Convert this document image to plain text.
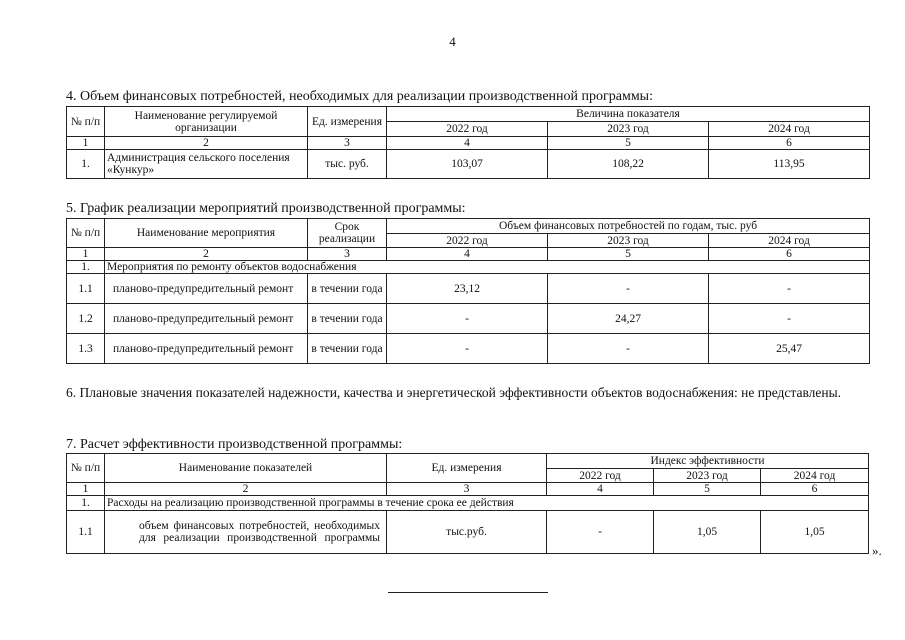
4
4. Объем финансовых потребностей, необходимых для реализации производственной программы:
№ п/п	Наименование регулируемой организации	Ед. измерения	Величина показателя		
			2022 год	2023 год	2024 год
1	2	3	4	5	6
1.	Администрация сельского поселения «Кункур»	тыс. руб.	103,07	108,22	113,95
5. График реализации мероприятий производственной программы:
№ п/п	Наименование мероприятия	Срок реализации	Объем финансовых потребностей по годам, тыс. руб		
			2022 год	2023 год	2024 год
1	2	3	4	5	6
1.	Мероприятия по ремонту объектов водоснабжения				
1.1	планово-предупредительный ремонт	в течении года	23,12	-	-
1.2	планово-предупредительный ремонт	в течении года	-	24,27	-
1.3	планово-предупредительный ремонт	в течении года	-	-	25,47
6. Плановые значения показателей надежности, качества и энергетической эффективности объектов водоснабжения: не представлены.
7. Расчет эффективности производственной программы:
№ п/п	Наименование показателей	Ед. измерения	Индекс эффективности		
			2022 год	2023 год	2024 год
1	2	3	4	5	6
1.	Расходы на реализацию производственной программы в течение срока ее действия				
1.1	объем финансовых потребностей, необходимых для реализации производственной программы	тыс.руб.	-	1,05	1,05
».
